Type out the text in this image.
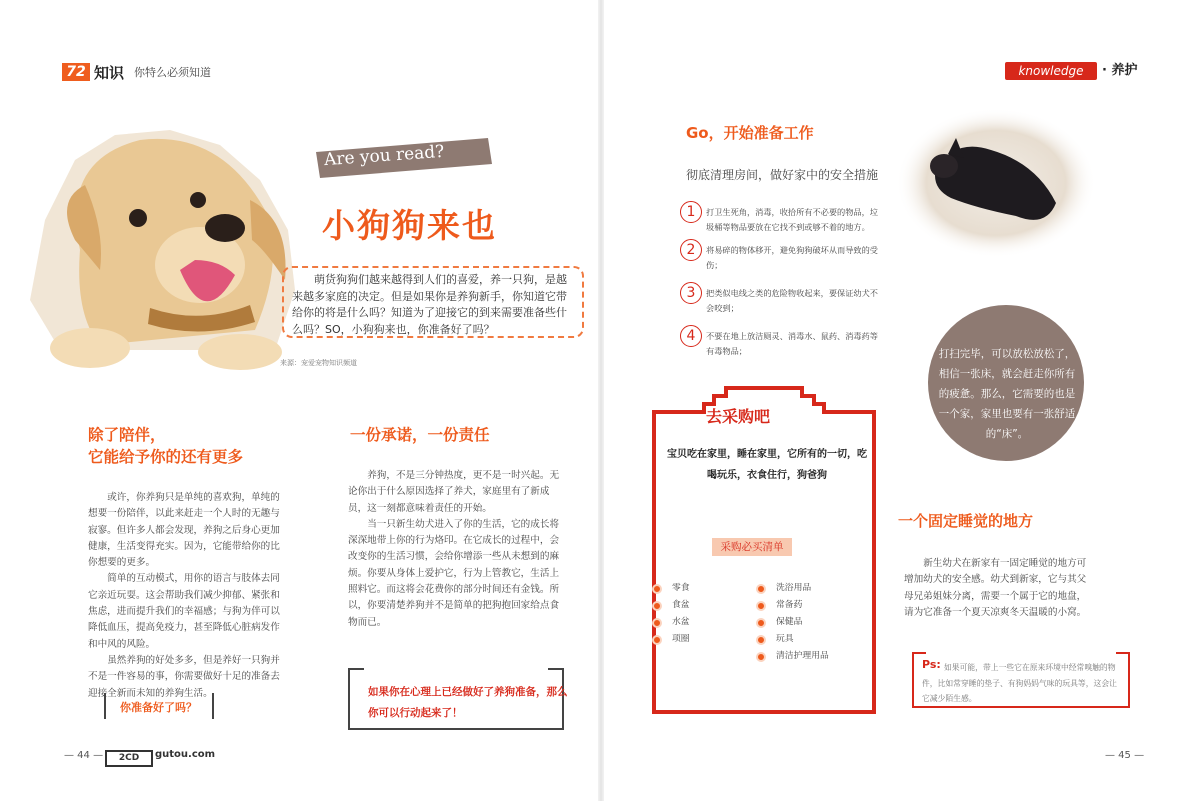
72 知识 你特么必须知道	knowledge	· 养护
Are you read?
小狗狗来也

萌货狗狗们越来越得到人们的喜爱，养一只狗，是越来越多家庭的决定。但是如果你是养狗新手，你知道它带给你的将是什么吗？知道为了迎接它的到来需要准备些什么吗？SO，小狗狗来也，你准备好了吗？

来源：宠爱宠物知识频道
除了陪伴，
它能给予你的还有更多

或许，你养狗只是单纯的喜欢狗，单纯的想要一份陪伴，以此来赶走一个人时的无趣与寂寥。但许多人都会发现，养狗之后身心更加健康，生活变得充实。因为，它能带给你的比你想要的更多。

简单的互动模式，用你的语言与肢体去同它亲近玩耍。这会帮助我们减少抑郁、紧张和焦虑，进而提升我们的幸福感；与狗为伴可以降低血压，提高免疫力，甚至降低心脏病发作和中风的风险。

虽然养狗的好处多多，但是养好一只狗并不是一件容易的事，你需要做好十足的准备去迎接全新而未知的养狗生活。

你准备好了吗？
一份承诺，一份责任

养狗，不是三分钟热度，更不是一时兴起。无论你出于什么原因选择了养犬，家庭里有了新成员，这一刻都意味着责任的开始。

当一只新生幼犬进入了你的生活，它的成长将深深地带上你的行为烙印。在它成长的过程中，会改变你的生活习惯，会给你增添一些从未想到的麻烦。你要从身体上爱护它，行为上管教它，生活上照料它。而这将会花费你的部分时间还有金钱。所以，你要清楚养狗并不是简单的把狗抱回家给点食物而已。

如果你在心理上已经做好了养狗准备，那么你可以行动起来了！
— 44 —	2CD	gutou.com	— 45 —
Go，开始准备工作
彻底清理房间，做好家中的安全措施
1	打卫生死角，消毒，收拾所有不必要的物品，垃圾桶等物品要放在它找不到或够不着的地方。
2	将易碎的物体移开，避免狗狗破坏从而导致的受伤；
3	把类似电线之类的危险物收起来，要保证幼犬不会咬到；
4	不要在地上放洁厕灵、消毒水、鼠药、消毒药等有毒物品；	打扫完毕，可以放松放松了，相信一张床，就会赶走你所有的疲惫。那么，它需要的也是一个家，家里也要有一张舒适的“床”。
去采购吧
宝贝吃在家里，睡在家里，它所有的一切，吃喝玩乐，衣食住行，狗爸狗
采购必买清单
零食
食盆
水盆
项圈
洗浴用品
常备药
保健品
玩具
清洁护理用品
一个固定睡觉的地方

新生幼犬在新家有一固定睡觉的地方可增加幼犬的安全感。幼犬到新家，它与其父母兄弟姐妹分离，需要一个属于它的地盘，请为它准备一个夏天凉爽冬天温暖的小窝。

Ps: 如果可能，带上一些它在原来环境中经常嗅触的物件，比如常穿睡的垫子、有狗妈妈气味的玩具等，这会让它减少陌生感。
